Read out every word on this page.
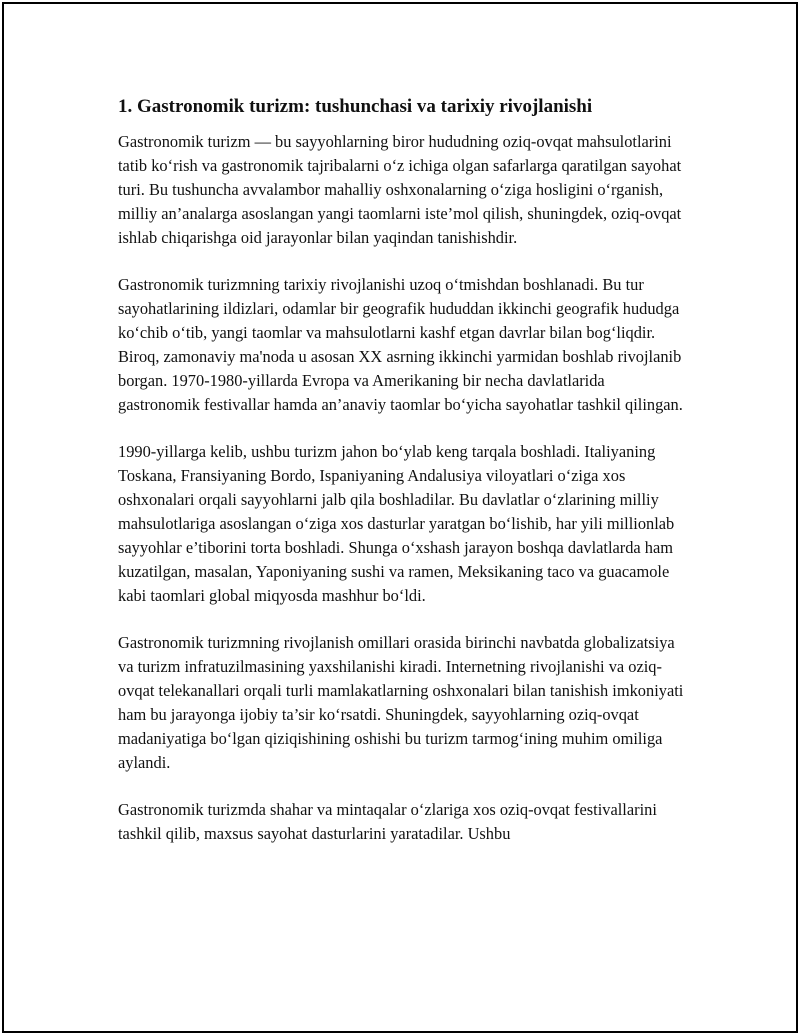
1. Gastronomik turizm: tushunchasi va tarixiy rivojlanishi

Gastronomik turizm — bu sayyohlarning biror hududning oziq-ovqat mahsulotlarini tatib ko‘rish va gastronomik tajribalarni o‘z ichiga olgan safarlarga qaratilgan sayohat turi. Bu tushuncha avvalambor mahalliy oshxonalarning o‘ziga hosligini o‘rganish, milliy an’analarga asoslangan yangi taomlarni iste’mol qilish, shuningdek, oziq-ovqat ishlab chiqarishga oid jarayonlar bilan yaqindan tanishishdir.

Gastronomik turizmning tarixiy rivojlanishi uzoq o‘tmishdan boshlanadi. Bu tur sayohatlarining ildizlari, odamlar bir geografik hududdan ikkinchi geografik hududga ko‘chib o‘tib, yangi taomlar va mahsulotlarni kashf etgan davrlar bilan bog‘liqdir. Biroq, zamonaviy ma'noda u asosan XX asrning ikkinchi yarmidan boshlab rivojlanib borgan. 1970-1980-yillarda Evropa va Amerikaning bir necha davlatlarida gastronomik festivallar hamda an’anaviy taomlar bo‘yicha sayohatlar tashkil qilingan.

1990-yillarga kelib, ushbu turizm jahon bo‘ylab keng tarqala boshladi. Italiyaning Toskana, Fransiyaning Bordo, Ispaniyaning Andalusiya viloyatlari o‘ziga xos oshxonalari orqali sayyohlarni jalb qila boshladilar. Bu davlatlar o‘zlarining milliy mahsulotlariga asoslangan o‘ziga xos dasturlar yaratgan bo‘lishib, har yili millionlab sayyohlar e’tiborini torta boshladi. Shunga o‘xshash jarayon boshqa davlatlarda ham kuzatilgan, masalan, Yaponiyaning sushi va ramen, Meksikaning taco va guacamole kabi taomlari global miqyosda mashhur bo‘ldi.

Gastronomik turizmning rivojlanish omillari orasida birinchi navbatda globalizatsiya va turizm infratuzilmasining yaxshilanishi kiradi. Internetning rivojlanishi va oziq-ovqat telekanallari orqali turli mamlakatlarning oshxonalari bilan tanishish imkoniyati ham bu jarayonga ijobiy ta’sir ko‘rsatdi. Shuningdek, sayyohlarning oziq-ovqat madaniyatiga bo‘lgan qiziqishining oshishi bu turizm tarmog‘ining muhim omiliga aylandi.

Gastronomik turizmda shahar va mintaqalar o‘zlariga xos oziq-ovqat festivallarini tashkil qilib, maxsus sayohat dasturlarini yaratadilar. Ushbu
